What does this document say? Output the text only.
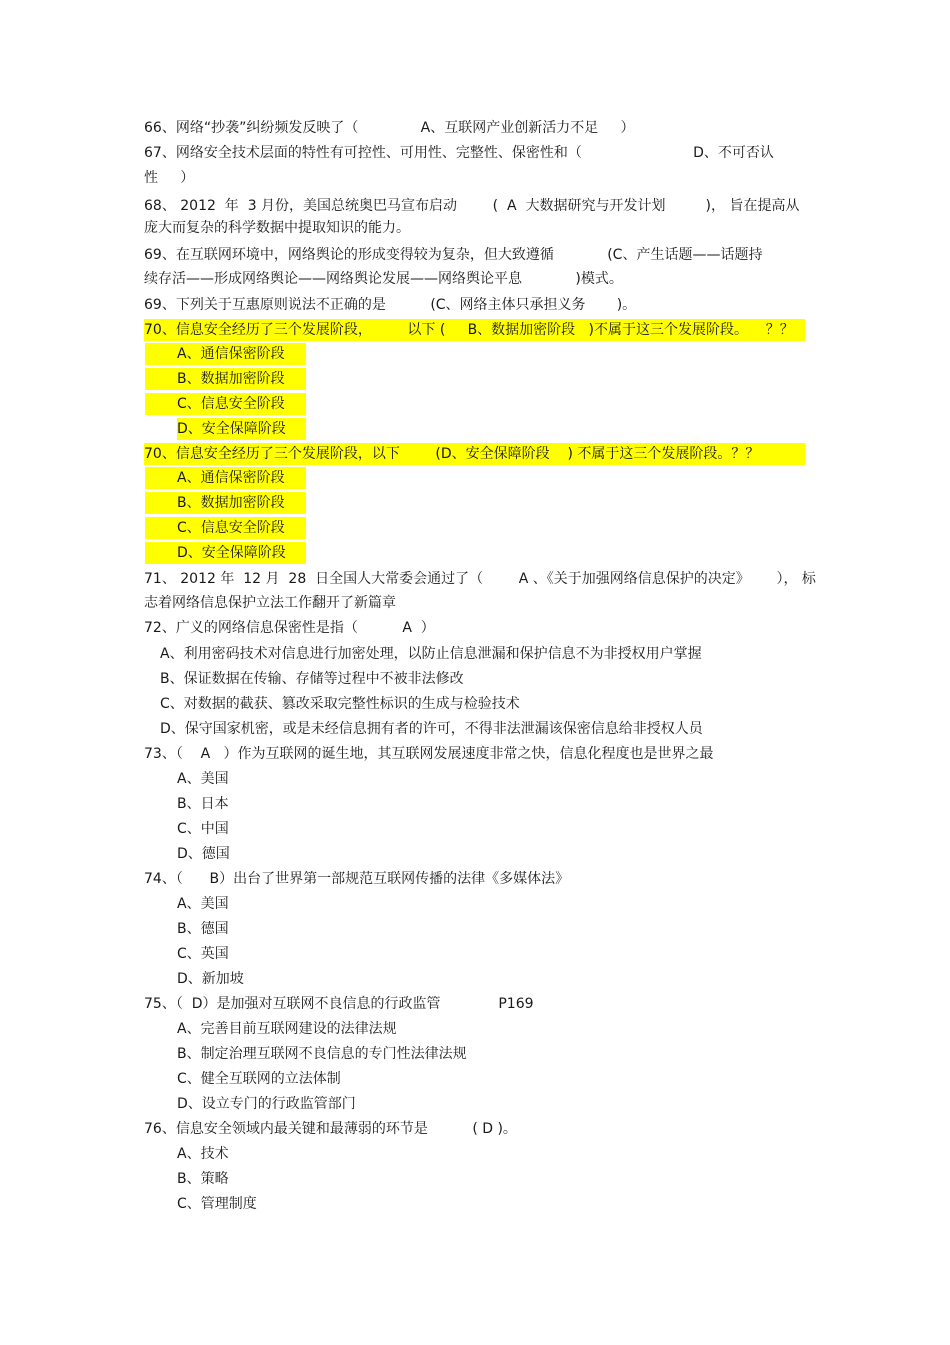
66、网络“抄袭”纠纷频发反映了（              A、互联网产业创新活力不足     ）
67、网络安全技术层面的特性有可控性、可用性、完整性、保密性和（                         D、不可否认
性     ）
68、 2012  年  3 月份，美国总统奥巴马宣布启动        (  A  大数据研究与开发计划         )， 旨在提高从
庞大而复杂的科学数据中提取知识的能力。
69、在互联网环境中，网络舆论的形成变得较为复杂，但大致遵循            (C、产生话题——话题持
续存活——形成网络舆论——网络舆论发展——网络舆论平息            )模式。
69、下列关于互惠原则说法不正确的是          (C、网络主体只承担义务       )。
70、信息安全经历了三个发展阶段，        以下 (     B、数据加密阶段   )不属于这三个发展阶段。    ？？
A、通信保密阶段
B、数据加密阶段
C、信息安全阶段
D、安全保障阶段
70、信息安全经历了三个发展阶段，以下        (D、安全保障阶段    ) 不属于这三个发展阶段。？？
A、通信保密阶段
B、数据加密阶段
C、信息安全阶段
D、安全保障阶段
71、 2012 年  12 月  28  日全国人大常委会通过了（        A 、《关于加强网络信息保护的决定》      ）， 标
志着网络信息保护立法工作翻开了新篇章
72、广义的网络信息保密性是指（          A  ）
A、利用密码技术对信息进行加密处理，以防止信息泄漏和保护信息不为非授权用户掌握
B、保证数据在传输、存储等过程中不被非法修改
C、对数据的截获、篡改采取完整性标识的生成与检验技术
D、保守国家机密，或是未经信息拥有者的许可，不得非法泄漏该保密信息给非授权人员
73、（    A   ）作为互联网的诞生地，其互联网发展速度非常之快，信息化程度也是世界之最
A、美国
B、日本
C、中国
D、德国
74、（      B）出台了世界第一部规范互联网传播的法律《多媒体法》
A、美国
B、德国
C、英国
D、新加坡
75、（  D）是加强对互联网不良信息的行政监管             P169
A、完善目前互联网建设的法律法规
B、制定治理互联网不良信息的专门性法律法规
C、健全互联网的立法体制
D、设立专门的行政监管部门
76、信息安全领域内最关键和最薄弱的环节是          ( D )。
A、技术
B、策略
C、管理制度
